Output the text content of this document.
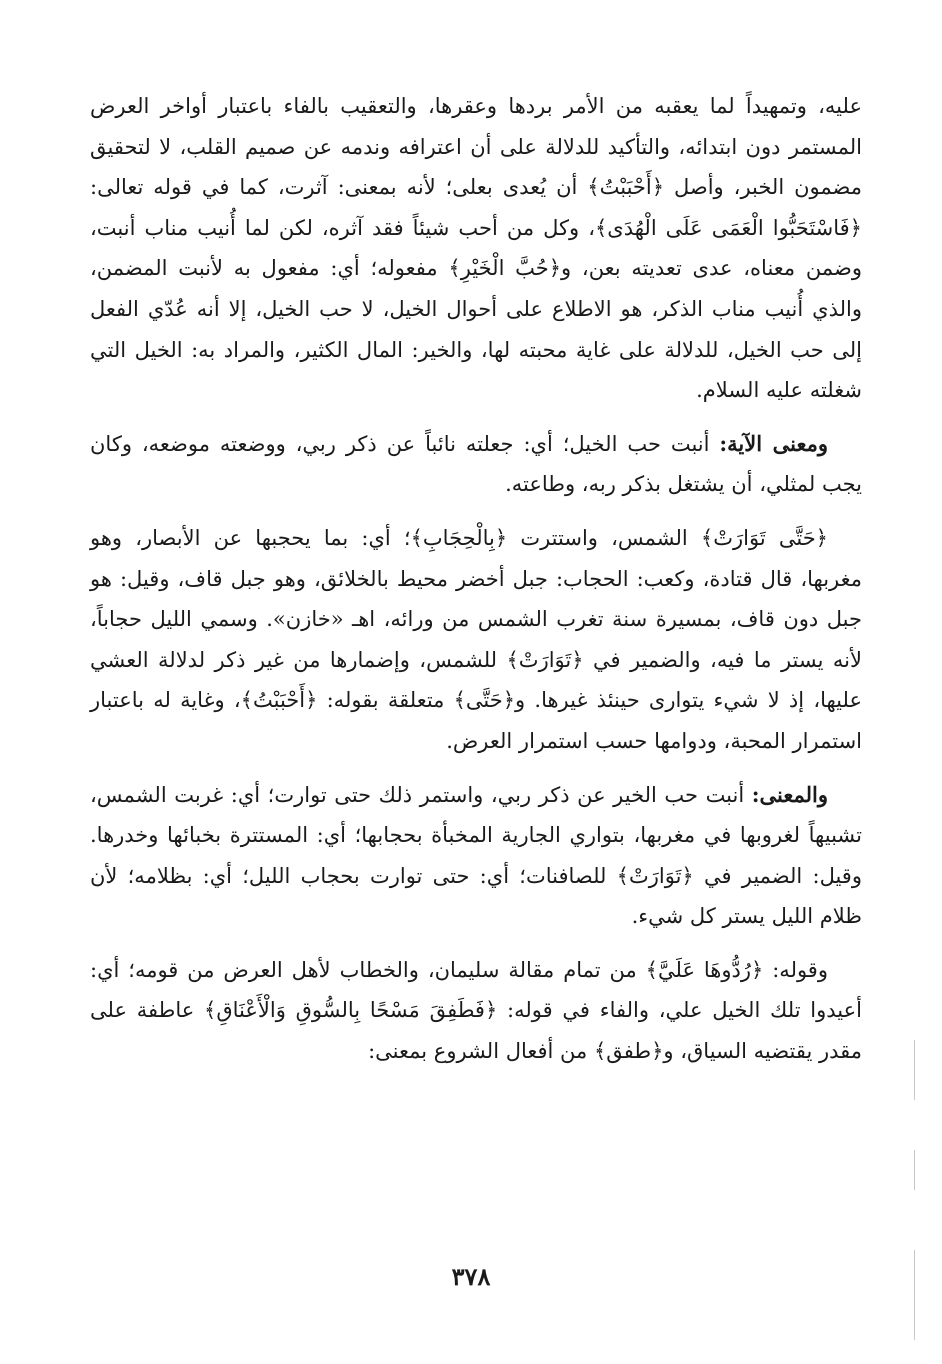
عليه، وتمهيداً لما يعقبه من الأمر بردها وعقرها، والتعقيب بالفاء باعتبار أواخر العرض المستمر دون ابتدائه، والتأكيد للدلالة على أن اعترافه وندمه عن صميم القلب، لا لتحقيق مضمون الخبر، وأصل ﴿أَحْبَبْتُ﴾ أن يُعدى بعلى؛ لأنه بمعنى: آثرت، كما في قوله تعالى: ﴿فَاسْتَحَبُّوا الْعَمَى عَلَى الْهُدَى﴾، وكل من أحب شيئاً فقد آثره، لكن لما أُنيب مناب أنبت، وضمن معناه، عدى تعديته بعن، و﴿حُبَّ الْخَيْرِ﴾ مفعوله؛ أي: مفعول به لأنبت المضمن، والذي أُنيب مناب الذكر، هو الاطلاع على أحوال الخيل، لا حب الخيل، إلا أنه عُدّي الفعل إلى حب الخيل، للدلالة على غاية محبته لها، والخير: المال الكثير، والمراد به: الخيل التي شغلته عليه السلام.

ومعنى الآية: أنبت حب الخيل؛ أي: جعلته نائباً عن ذكر ربي، ووضعته موضعه، وكان يجب لمثلي، أن يشتغل بذكر ربه، وطاعته.

﴿حَتَّى تَوَارَتْ﴾ الشمس، واستترت ﴿بِالْحِجَابِ﴾؛ أي: بما يحجبها عن الأبصار، وهو مغربها، قال قتادة، وكعب: الحجاب: جبل أخضر محيط بالخلائق، وهو جبل قاف، وقيل: هو جبل دون قاف، بمسيرة سنة تغرب الشمس من ورائه، اهـ «خازن». وسمي الليل حجاباً، لأنه يستر ما فيه، والضمير في ﴿تَوَارَتْ﴾ للشمس، وإضمارها من غير ذكر لدلالة العشي عليها، إذ لا شيء يتوارى حينئذ غيرها. و﴿حَتَّى﴾ متعلقة بقوله: ﴿أَحْبَبْتُ﴾، وغاية له باعتبار استمرار المحبة، ودوامها حسب استمرار العرض.

والمعنى: أنبت حب الخير عن ذكر ربي، واستمر ذلك حتى توارت؛ أي: غربت الشمس، تشبيهاً لغروبها في مغربها، بتواري الجارية المخبأة بحجابها؛ أي: المستترة بخبائها وخدرها. وقيل: الضمير في ﴿تَوَارَتْ﴾ للصافنات؛ أي: حتى توارت بحجاب الليل؛ أي: بظلامه؛ لأن ظلام الليل يستر كل شيء.

وقوله: ﴿رُدُّوهَا عَلَيَّ﴾ من تمام مقالة سليمان، والخطاب لأهل العرض من قومه؛ أي: أعيدوا تلك الخيل علي، والفاء في قوله: ﴿فَطَفِقَ مَسْحًا بِالسُّوقِ وَالْأَعْنَاقِ﴾ عاطفة على مقدر يقتضيه السياق، و﴿طفق﴾ من أفعال الشروع بمعنى:

٣٧٨
